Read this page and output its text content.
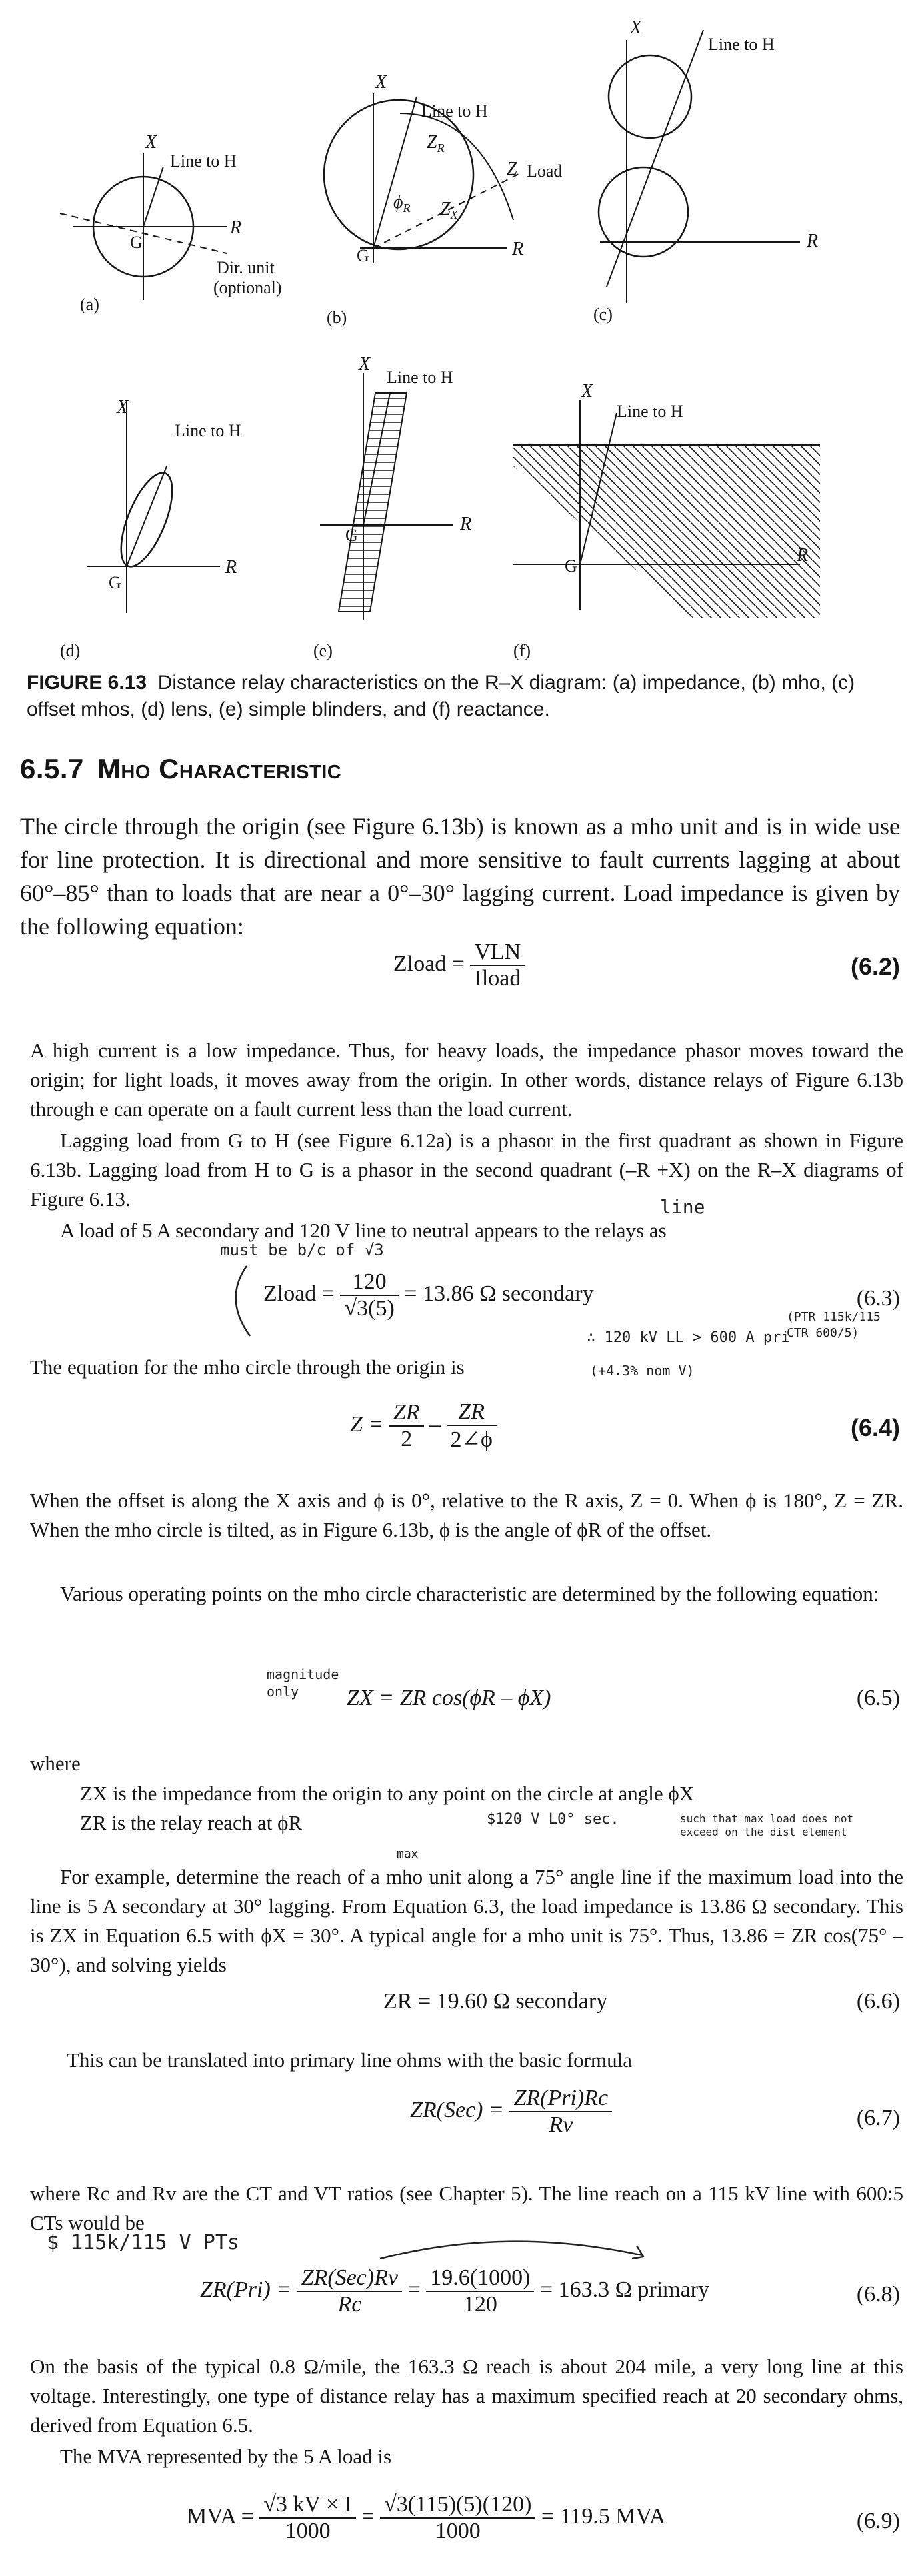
X
R
G
Line to H
Dir. unit
(optional)
(a)
X
R
G
Line to H
$Z_R$
$Z_X$
$\phi_R$
Z Load
(b)
X
R
Line to H
(c)
X
R
G
Line to H
(d)
X
R
G
Line to H
(e)
X
R
G
Line to H
(f)
FIGURE 6.13 Distance relay characteristics on the R–X diagram: (a) impedance, (b) mho, (c) offset mhos, (d) lens, (e) simple blinders, and (f) reactance.
6.5.7 Mho Characteristic
The circle through the origin (see Figure 6.13b) is known as a mho unit and is in wide use for line protection. It is directional and more sensitive to fault currents lagging at about 60°–85° than to loads that are near a 0°–30° lagging current. Load impedance is given by the following equation:
Zload = $\frac{\text{VLN}}{\text{Iload}}$	(6.2)
A high current is a low impedance. Thus, for heavy loads, the impedance phasor moves toward the origin; for light loads, it moves away from the origin. In other words, distance relays of Figure 6.13b through e can operate on a fault current less than the load current.
Lagging load from G to H (see Figure 6.12a) is a phasor in the first quadrant as shown in Figure 6.13b. Lagging load from H to G is a phasor in the second quadrant (–R +X) on the R–X diagrams of Figure 6.13.
A load of 5 A secondary and 120 V line to neutral appears to the relays as
line
must be b/c of √3
Zload = $\frac{120}{√3(5)} = 13.86$ Ω secondary	(6.3)
∴ 120 kV LL > 600 A pri
(PTR 115k/115 CTR 600/5)
The equation for the mho circle through the origin is	(+4.3% nom V)
$Z = \frac{ZR}{2} - \frac{ZR}{2\angle\phi}$	(6.4)
When the offset is along the X axis and ϕ is 0°, relative to the R axis, Z = 0. When ϕ is 180°, Z = ZR. When the mho circle is tilted, as in Figure 6.13b, ϕ is the angle of ϕR of the offset.
Various operating points on the mho circle characteristic are determined by the following equation:
magnitude only	ZX = ZR cos(ϕR – ϕX)	(6.5)
where
ZX is the impedance from the origin to any point on the circle at angle ϕX
ZR is the relay reach at ϕR	$120 V L0° sec.	such that max load does not exceed on the dist element
max
For example, determine the reach of a mho unit along a 75° angle line if the maximum load into the line is 5 A secondary at 30° lagging. From Equation 6.3, the load impedance is 13.86 Ω secondary. This is ZX in Equation 6.5 with ϕX = 30°. A typical angle for a mho unit is 75°. Thus, 13.86 = ZR cos(75° – 30°), and solving yields
ZR = 19.60 Ω secondary	(6.6)
This can be translated into primary line ohms with the basic formula
$ZR(Sec) = \frac{\text{ZR(Pri)Rc}}{Rv}$	(6.7)
where Rc and Rv are the CT and VT ratios (see Chapter 5). The line reach on a 115 kV line with 600:5 CTs would be
$ 115k/115 V PTs
$ZR(Pri) = \frac{\text{ZR(Sec)Rv}}{Rc} = \frac{19.6(1000)}{120} = 163.3$ Ω primary	(6.8)
On the basis of the typical 0.8 Ω/mile, the 163.3 Ω reach is about 204 mile, a very long line at this voltage. Interestingly, one type of distance relay has a maximum specified reach at 20 secondary ohms, derived from Equation 6.5.
The MVA represented by the 5 A load is
MVA = $\frac{√3 kV \times I}{1000} = \frac{√3(115)(5)(120)}{1000} = 119.5$ MVA	(6.9)
